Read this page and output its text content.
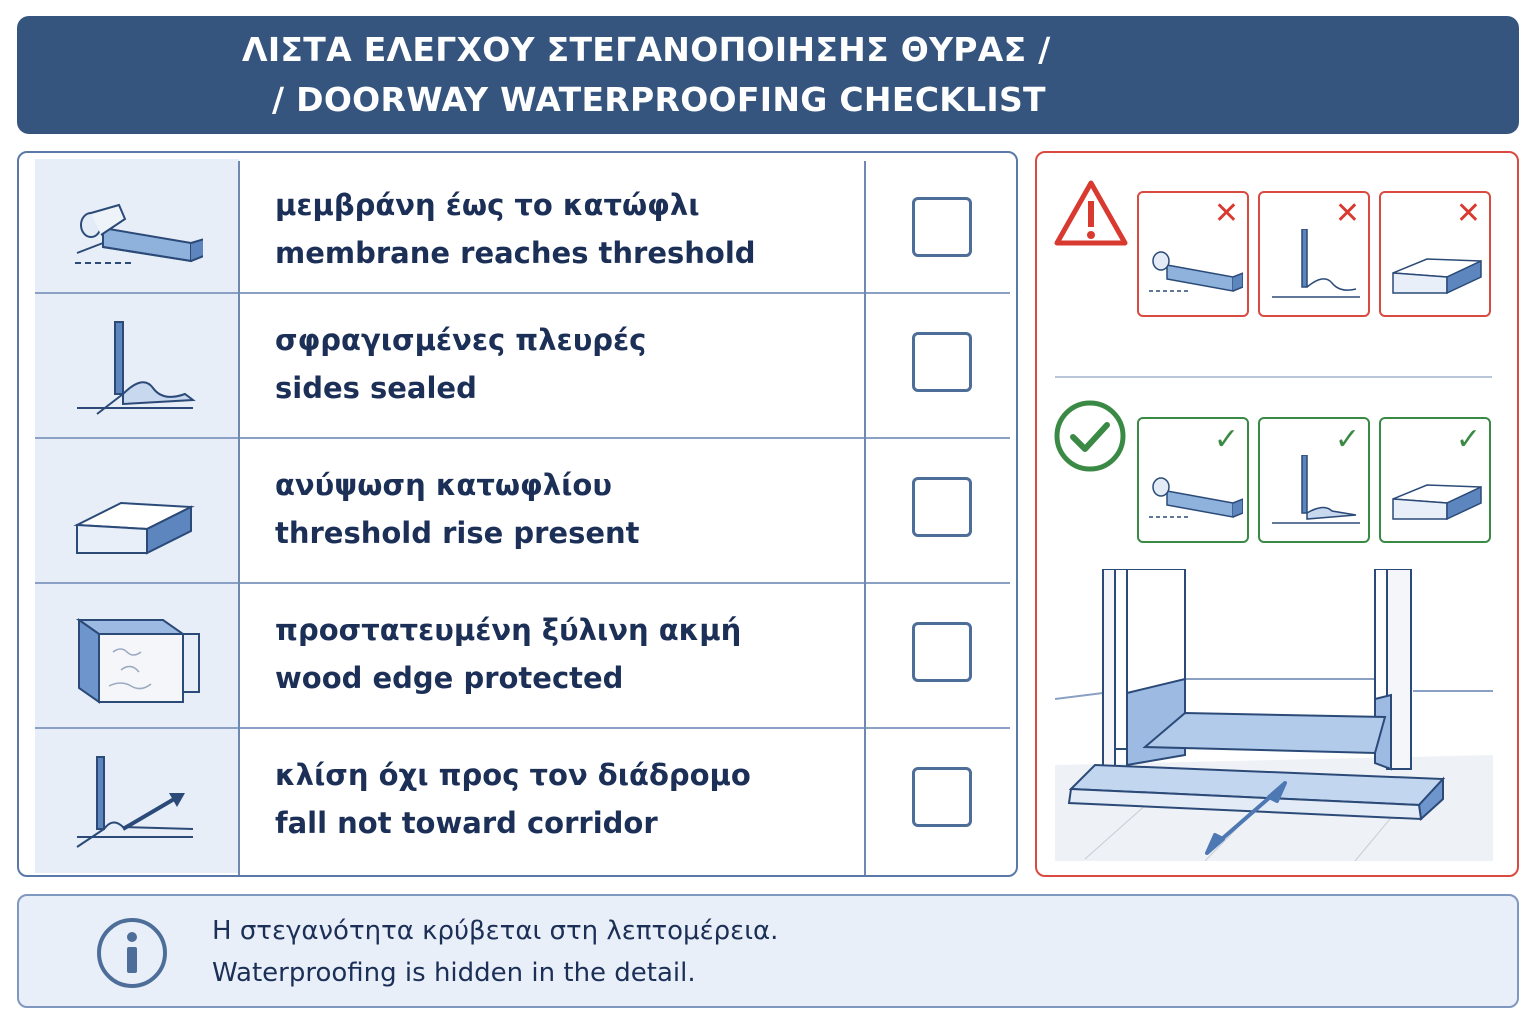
ΛΙΣΤΑ ΕΛΕΓΧΟΥ ΣΤΕΓΑΝΟΠΟΙΗΣΗΣ ΘΥΡΑΣ /
/ DOORWAY WATERPROOFING CHECKLIST
μεμβράνη έως το κατώφλι
membrane reaches threshold
σφραγισμένες πλευρές
sides sealed
ανύψωση κατωφλίου
threshold rise present
προστατευμένη ξύλινη ακμή
wood edge protected
κλίση όχι προς τον διάδρομο
fall not toward corridor
✕	✕	✕
✓	✓	✓
Η στεγανότητα κρύβεται στη λεπτομέρεια.
Waterproofing is hidden in the detail.
